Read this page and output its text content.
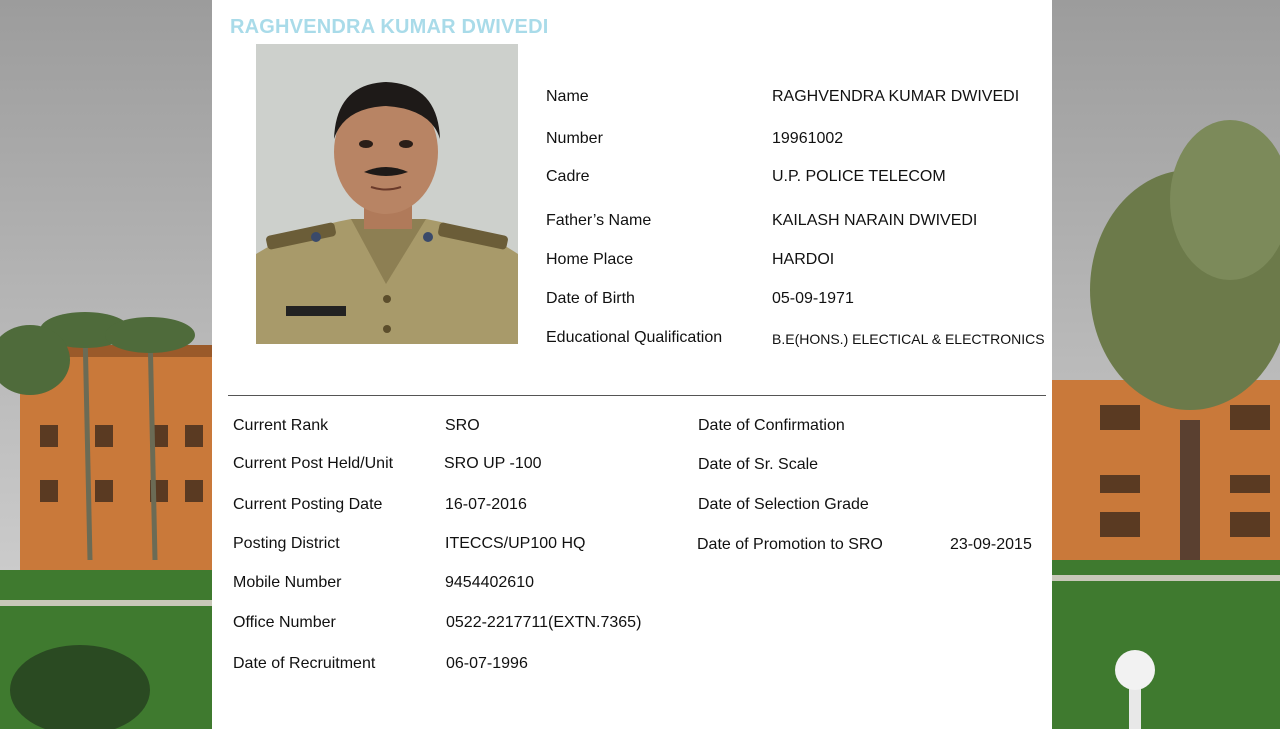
RAGHVENDRA KUMAR DWIVEDI
Name	RAGHVENDRA KUMAR DWIVEDI
Number	19961002
Cadre	U.P. POLICE TELECOM
Father’s Name	KAILASH NARAIN DWIVEDI
Home Place	HARDOI
Date of Birth	05-09-1971
Educational Qualification	B.E(HONS.) ELECTICAL & ELECTRONICS
Current Rank	SRO
Current Post Held/Unit	SRO UP -100
Current Posting Date	16-07-2016
Posting District	ITECCS/UP100 HQ
Mobile Number	9454402610
Office Number	0522-2217711(EXTN.7365)
Date of Recruitment	06-07-1996
Date of Confirmation
Date of Sr. Scale
Date of Selection Grade
Date of Promotion to SRO	23-09-2015
